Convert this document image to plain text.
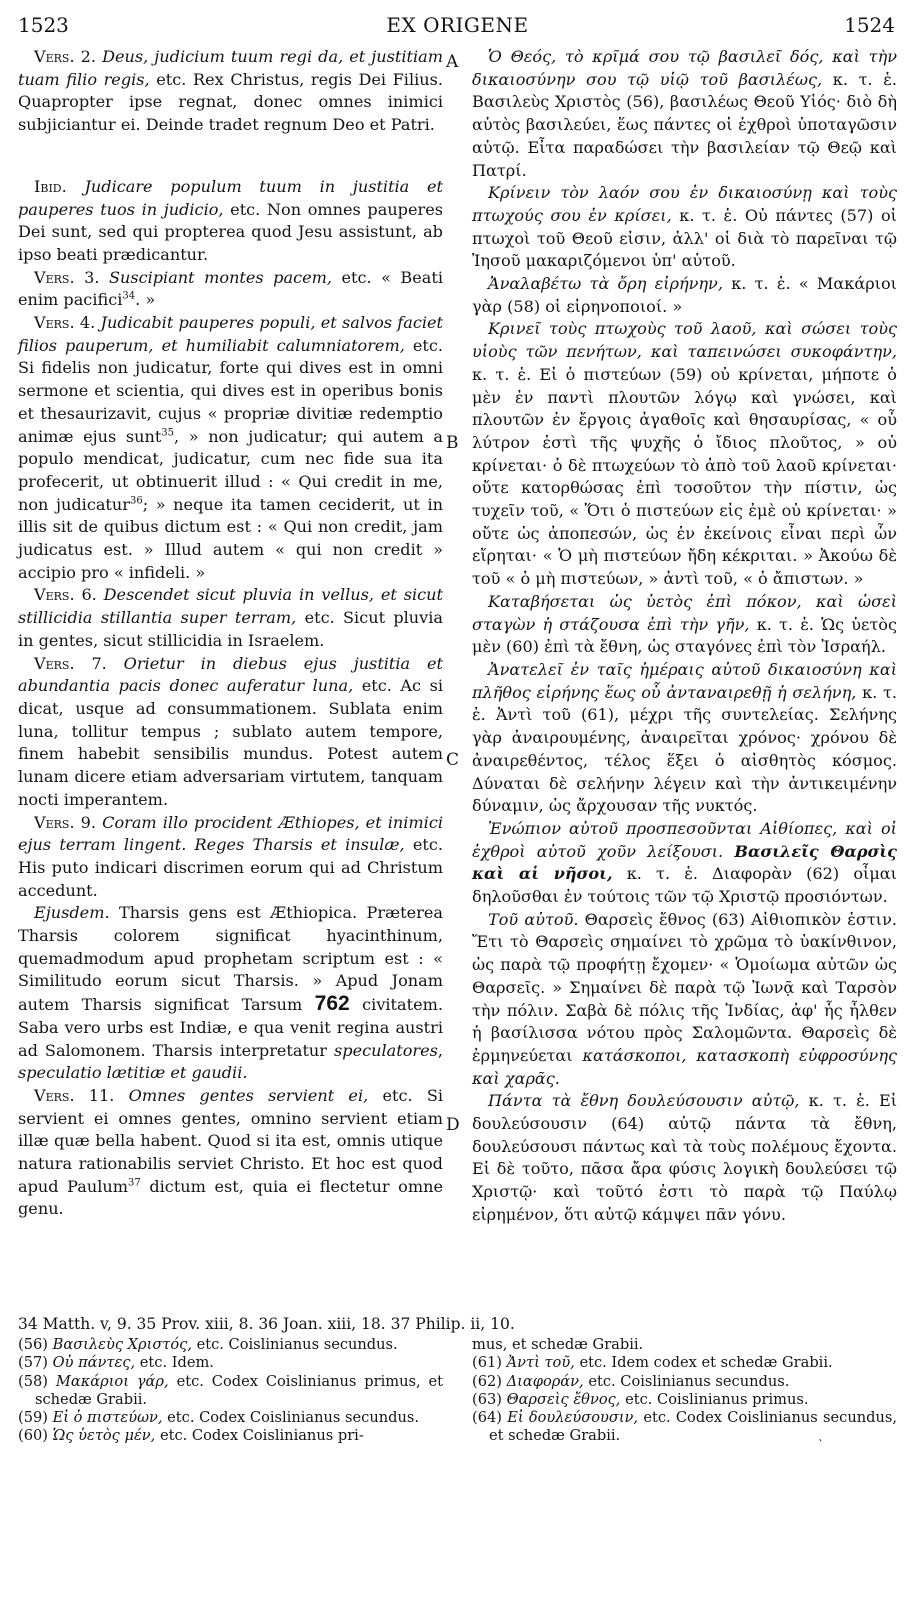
1523	EX ORIGENE	1524
A
B
C
D

Vers. 2. Deus, judicium tuum regi da, et justitiam tuam filio regis, etc. Rex Christus, regis Dei Filius. Quapropter ipse regnat, donec omnes inimici subjiciantur ei. Deinde tradet regnum Deo et Patri.

Ibid. Judicare populum tuum in justitia et pauperes tuos in judicio, etc. Non omnes pauperes Dei sunt, sed qui propterea quod Jesu assistunt, ab ipso beati prædicantur.

Vers. 3. Suscipiant montes pacem, etc. « Beati enim pacifici$^{34}$. »

Vers. 4. Judicabit pauperes populi, et salvos faciet filios pauperum, et humiliabit calumniatorem, etc. Si fidelis non judicatur, forte qui dives est in omni sermone et scientia, qui dives est in operibus bonis et thesaurizavit, cujus « propriæ divitiæ redemptio animæ ejus sunt$^{35}$, » non judicatur; qui autem a populo mendicat, judicatur, cum nec fide sua ita profecerit, ut obtinuerit illud : « Qui credit in me, non judicatur$^{36}$; » neque ita tamen ceciderit, ut in illis sit de quibus dictum est : « Qui non credit, jam judicatus est. » Illud autem « qui non credit » accipio pro « infideli. »

Vers. 6. Descendet sicut pluvia in vellus, et sicut stillicidia stillantia super terram, etc. Sicut pluvia in gentes, sicut stillicidia in Israelem.

Vers. 7. Orietur in diebus ejus justitia et abundantia pacis donec auferatur luna, etc. Ac si dicat, usque ad consummationem. Sublata enim luna, tollitur tempus ; sublato autem tempore, finem habebit sensibilis mundus. Potest autem lunam dicere etiam adversariam virtutem, tanquam nocti imperantem.

Vers. 9. Coram illo procident Æthiopes, et inimici ejus terram lingent. Reges Tharsis et insulæ, etc. His puto indicari discrimen eorum qui ad Christum accedunt.

Ejusdem. Tharsis gens est Æthiopica. Præterea Tharsis colorem significat hyacinthinum, quemadmodum apud prophetam scriptum est : « Similitudo eorum sicut Tharsis. » Apud Jonam autem Tharsis significat Tarsum 762 civitatem. Saba vero urbs est Indiæ, e qua venit regina austri ad Salomonem. Tharsis interpretatur speculatores, speculatio lætitiæ et gaudii.

Vers. 11. Omnes gentes servient ei, etc. Si servient ei omnes gentes, omnino servient etiam illæ quæ bella habent. Quod si ita est, omnis utique natura rationabilis serviet Christo. Et hoc est quod apud Paulum$^{37}$ dictum est, quia ei flectetur omne genu.

Ὁ Θεός, τὸ κρῖμά σου τῷ βασιλεῖ δός, καὶ τὴν δικαιοσύνην σου τῷ υἱῷ τοῦ βασιλέως, κ. τ. ἑ. Βασιλεὺς Χριστὸς (56), βασιλέως Θεοῦ Υἱός· διὸ δὴ αὐτὸς βασιλεύει, ἕως πάντες οἱ ἐχθροὶ ὑποταγῶσιν αὐτῷ. Εἶτα παραδώσει τὴν βασιλείαν τῷ Θεῷ καὶ Πατρί.

Κρίνειν τὸν λαόν σου ἐν δικαιοσύνῃ καὶ τοὺς πτωχούς σου ἐν κρίσει, κ. τ. ἑ. Οὐ πάντες (57) οἱ πτωχοὶ τοῦ Θεοῦ εἰσιν, ἀλλ' οἱ διὰ τὸ παρεῖναι τῷ Ἰησοῦ μακαριζόμενοι ὑπ' αὐτοῦ.

Ἀναλαβέτω τὰ ὄρη εἰρήνην, κ. τ. ἑ. « Μακάριοι γὰρ (58) οἱ εἰρηνοποιοί. »

Κρινεῖ τοὺς πτωχοὺς τοῦ λαοῦ, καὶ σώσει τοὺς υἱοὺς τῶν πενήτων, καὶ ταπεινώσει συκοφάντην, κ. τ. ἑ. Εἰ ὁ πιστεύων (59) οὐ κρίνεται, μήποτε ὁ μὲν ἐν παντὶ πλουτῶν λόγῳ καὶ γνώσει, καὶ πλουτῶν ἐν ἔργοις ἀγαθοῖς καὶ θησαυρίσας, « οὗ λύτρον ἐστὶ τῆς ψυχῆς ὁ ἴδιος πλοῦτος, » οὐ κρίνεται· ὁ δὲ πτωχεύων τὸ ἀπὸ τοῦ λαοῦ κρίνεται· οὔτε κατορθώσας ἐπὶ τοσοῦτον τὴν πίστιν, ὡς τυχεῖν τοῦ, « Ὅτι ὁ πιστεύων εἰς ἐμὲ οὐ κρίνεται· » οὔτε ὡς ἀποπεσών, ὡς ἐν ἐκείνοις εἶναι περὶ ὧν εἴρηται· « Ὁ μὴ πιστεύων ἤδη κέκριται. » Ἀκούω δὲ τοῦ « ὁ μὴ πιστεύων, » ἀντὶ τοῦ, « ὁ ἄπιστων. »

Καταβήσεται ὡς ὑετὸς ἐπὶ πόκον, καὶ ὡσεὶ σταγὼν ἡ στάζουσα ἐπὶ τὴν γῆν, κ. τ. ἑ. Ὡς ὑετὸς μὲν (60) ἐπὶ τὰ ἔθνη, ὡς σταγόνες ἐπὶ τὸν Ἰσραήλ.

Ἀνατελεῖ ἐν ταῖς ἡμέραις αὐτοῦ δικαιοσύνη καὶ πλῆθος εἰρήνης ἕως οὗ ἀνταναιρεθῇ ἡ σελήνη, κ. τ. ἑ. Ἀντὶ τοῦ (61), μέχρι τῆς συντελείας. Σελήνης γὰρ ἀναιρουμένης, ἀναιρεῖται χρόνος· χρόνου δὲ ἀναιρεθέντος, τέλος ἕξει ὁ αἰσθητὸς κόσμος. Δύναται δὲ σελήνην λέγειν καὶ τὴν ἀντικειμένην δύναμιν, ὡς ἄρχουσαν τῆς νυκτός.

Ἐνώπιον αὐτοῦ προσπεσοῦνται Αἰθίοπες, καὶ οἱ ἐχθροὶ αὐτοῦ χοῦν λείξουσι. Βασιλεῖς Θαρσὶς καὶ αἱ νῆσοι, κ. τ. ἑ. Διαφορὰν (62) οἶμαι δηλοῦσθαι ἐν τούτοις τῶν τῷ Χριστῷ προσιόντων.

Τοῦ αὐτοῦ. Θαρσεὶς ἔθνος (63) Αἰθιοπικὸν ἐστιν. Ἔτι τὸ Θαρσεὶς σημαίνει τὸ χρῶμα τὸ ὑακίνθινον, ὡς παρὰ τῷ προφήτῃ ἔχομεν· « Ὁμοίωμα αὐτῶν ὡς Θαρσεῖς. » Σημαίνει δὲ παρὰ τῷ Ἰωνᾷ καὶ Ταρσὸν τὴν πόλιν. Σαβὰ δὲ πόλις τῆς Ἰνδίας, ἀφ' ἧς ἦλθεν ἡ βασίλισσα νότου πρὸς Σαλομῶντα. Θαρσεὶς δὲ ἑρμηνεύεται κατάσκοποι, κατασκοπὴ εὐφροσύνης καὶ χαρᾶς.

Πάντα τὰ ἔθνη δουλεύσουσιν αὐτῷ, κ. τ. ἑ. Εἰ δουλεύσουσιν (64) αὐτῷ πάντα τὰ ἔθνη, δουλεύσουσι πάντως καὶ τὰ τοὺς πολέμους ἔχοντα. Εἰ δὲ τοῦτο, πᾶσα ἄρα φύσις λογικὴ δουλεύσει τῷ Χριστῷ· καὶ τοῦτό ἐστι τὸ παρὰ τῷ Παύλῳ εἰρημένον, ὅτι αὐτῷ κάμψει πᾶν γόνυ.

34 Matth. v, 9. 35 Prov. xiii, 8. 36 Joan. xiii, 18. 37 Philip. ii, 10.

(56) Βασιλεὺς Χριστός, etc. Coislinianus secundus.

(57) Οὐ πάντες, etc. Idem.

(58) Μακάριοι γάρ, etc. Codex Coislinianus primus, et schedæ Grabii.

(59) Εἰ ὁ πιστεύων, etc. Codex Coislinianus secundus.

(60) Ὡς ὑετὸς μέν, etc. Codex Coislinianus pri-

mus, et schedæ Grabii.

(61) Ἀντὶ τοῦ, etc. Idem codex et schedæ Grabii.

(62) Διαφοράν, etc. Coislinianus secundus.

(63) Θαρσεὶς ἔθνος, etc. Coislinianus primus.

(64) Εἰ δουλεύσουσιν, etc. Codex Coislinianus secundus, et schedæ Grabii.

ˋ
